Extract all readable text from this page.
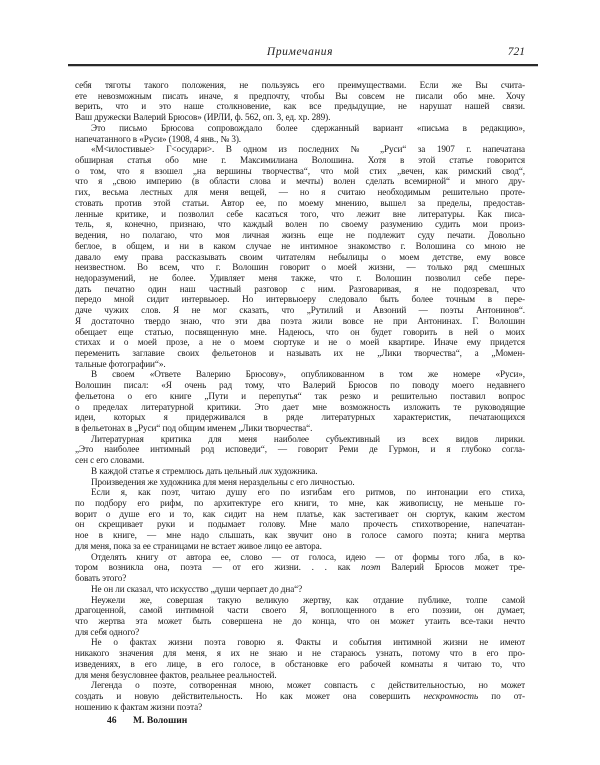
Примечания	721
себя тяготы такого положения, не пользуясь его преимуществами. Если же Вы счита-
ете невозможным писать иначе, я предпочту, чтобы Вы совсем не писали обо мне. Хочу
верить, что и это наше столкновение, как все предыдущие, не нарушат нашей связи.
Ваш дружески Валерий Брюсов» (ИРЛИ, ф. 562, оп. 3, ед. хр. 289).
Это письмо Брюсова сопровождало более сдержанный вариант «письма в редакцию»,
напечатанного в «Руси» (1908, 4 янв., № 3).
«М<илостивые> Г<осудари>. В одном из последних № „Руси“ за 1907 г. напечатана
обширная статья обо мне г. Максимилиана Волошина. Хотя в этой статье говорится
о том, что я взошел „на вершины творчества“, что мой стих „вечен, как римский свод“,
что я „свою империю (в области слова и мечты) волен сделать всемирной“ и много дру-
гих, весьма лестных для меня вещей, — но я считаю необходимым решительно проте-
стовать против этой статьи. Автор ее, по моему мнению, вышел за пределы, предостав-
ленные критике, и позволил себе касаться того, что лежит вне литературы. Как писа-
тель, я, конечно, признаю, что каждый волен по своему разумению судить мои произ-
ведения, но полагаю, что моя личная жизнь еще не подлежит суду печати. Довольно
беглое, в общем, и ни в каком случае не интимное знакомство г. Волошина со мною не
давало ему права рассказывать своим читателям небылицы о моем детстве, ему вовсе
неизвестном. Во всем, что г. Волошин говорит о моей жизни, — только ряд смешных
недоразумений, не более. Удивляет меня также, что г. Волошин позволил себе пере-
дать печатно один наш частный разговор с ним. Разговаривая, я не подозревал, что
передо мной сидит интервьюер. Но интервьюеру следовало быть более точным в пере-
даче чужих слов. Я не мог сказать, что „Рутилий и Авзоний — поэты Антонинов“.
Я достаточно твердо знаю, что эти два поэта жили вовсе не при Антонинах. Г. Волошин
обещает еще статью, посвященную мне. Надеюсь, что он будет говорить в ней о моих
стихах и о моей прозе, а не о моем сюртуке и не о моей квартире. Иначе ему придется
переменить заглавие своих фельетонов и называть их не „Лики творчества“, а „Момен-
тальные фотографии“».
В своем «Ответе Валерию Брюсову», опубликованном в том же номере «Руси»,
Волошин писал: «Я очень рад тому, что Валерий Брюсов по поводу моего недавнего
фельетона о его книге „Пути и перепутья“ так резко и решительно поставил вопрос
о пределах литературной критики. Это дает мне возможность изложить те руководящие
идеи, которых я придерживался в ряде литературных характеристик, печатающихся
в фельетонах в „Руси“ под общим именем „Лики творчества“.
Литературная критика для меня наиболее субъективный из всех видов лирики.
„Это наиболее интимный род исповеди“, — говорит Реми де Гурмон, и я глубоко согла-
сен с его словами.
В каждой статье я стремлюсь дать цельный лик художника.
Произведения же художника для меня нераздельны с его личностью.
Если я, как поэт, читаю душу его по изгибам его ритмов, по интонации его стиха,
по подбору его рифм, по архитектуре его книги, то мне, как живописцу, не меньше го-
ворит о душе его и то, как сидит на нем платье, как застегивает он сюртук, каким жестом
он скрещивает руки и подымает голову. Мне мало прочесть стихотворение, напечатан-
ное в книге, — мне надо слышать, как звучит оно в голосе самого поэта; книга мертва
для меня, пока за ее страницами не встает живое лицо ее автора.
Отделять книгу от автора ее, слово — от голоса, идею — от формы того лба, в ко-
тором возникла она, поэта — от его жизни. . . как поэт Валерий Брюсов может тре-
бовать этого?
Не он ли сказал, что искусство „души черпает до дна“?
Неужели же, совершая такую великую жертву, как отдание публике, толпе самой
драгоценной, самой интимной части своего Я, воплощенного в его поэзии, он думает,
что жертва эта может быть совершена не до конца, что он может утаить все-таки нечто
для себя одного?
Не о фактах жизни поэта говорю я. Факты и события интимной жизни не имеют
никакого значения для меня, я их не знаю и не стараюсь узнать, потому что в его про-
изведениях, в его лице, в его голосе, в обстановке его рабочей комнаты я читаю то, что
для меня безусловнее фактов, реальнее реальностей.
Легенда о поэте, сотворенная мною, может совпасть с действительностью, но может
создать и новую действительность. Но как может она совершить нескромность по от-
ношению к фактам жизни поэта?
46 М. Волошин
